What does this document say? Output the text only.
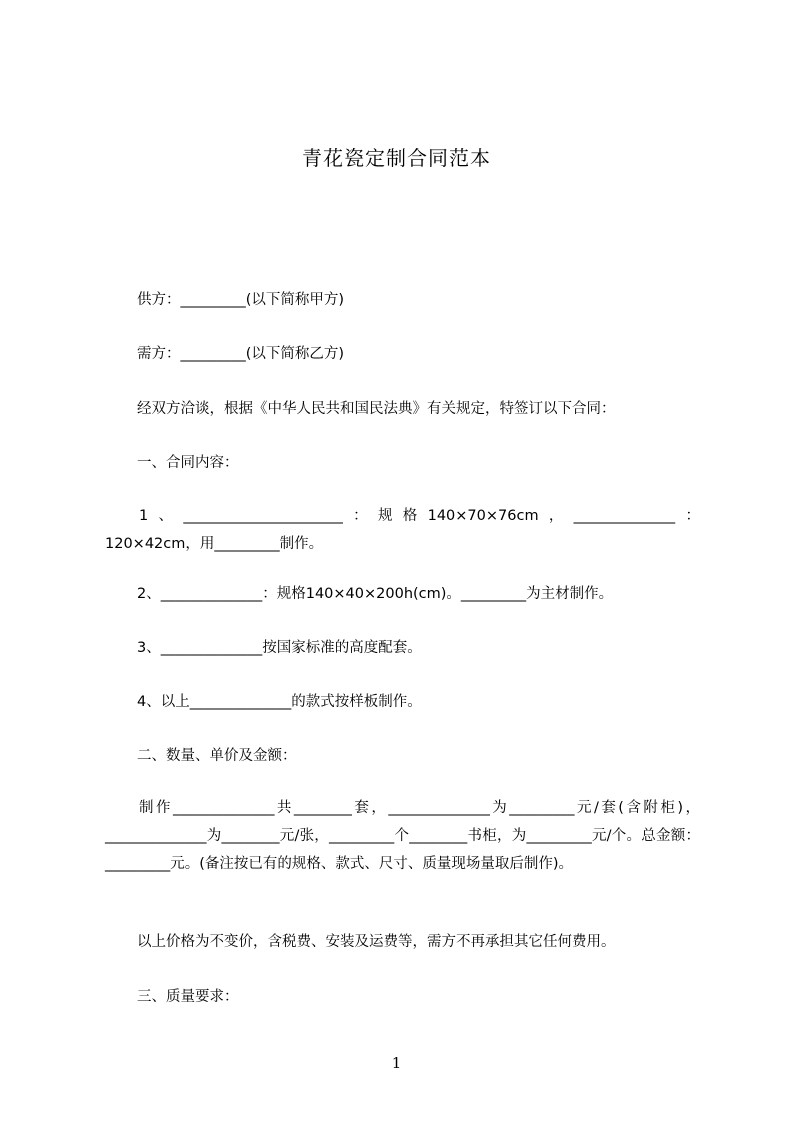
青花瓷定制合同范本
供方：_________(以下简称甲方)
需方：_________(以下简称乙方)
经双方洽谈，根据《中华人民共和国民法典》有关规定，特签订以下合同：
一、合同内容：
1、______________________：规格140×70×76cm，______________：120×42cm，用_________制作。
2、______________：规格140×40×200h(cm)。_________为主材制作。
3、______________按国家标准的高度配套。
4、以上______________的款式按样板制作。
二、数量、单价及金额：
制作______________共________套，______________为_________元/套(含附柜)，______________为________元/张，_________个________书柜，为_________元/个。总金额：_________元。(备注按已有的规格、款式、尺寸、质量现场量取后制作)。
以上价格为不变价，含税费、安装及运费等，需方不再承担其它任何费用。
三、质量要求：
1
